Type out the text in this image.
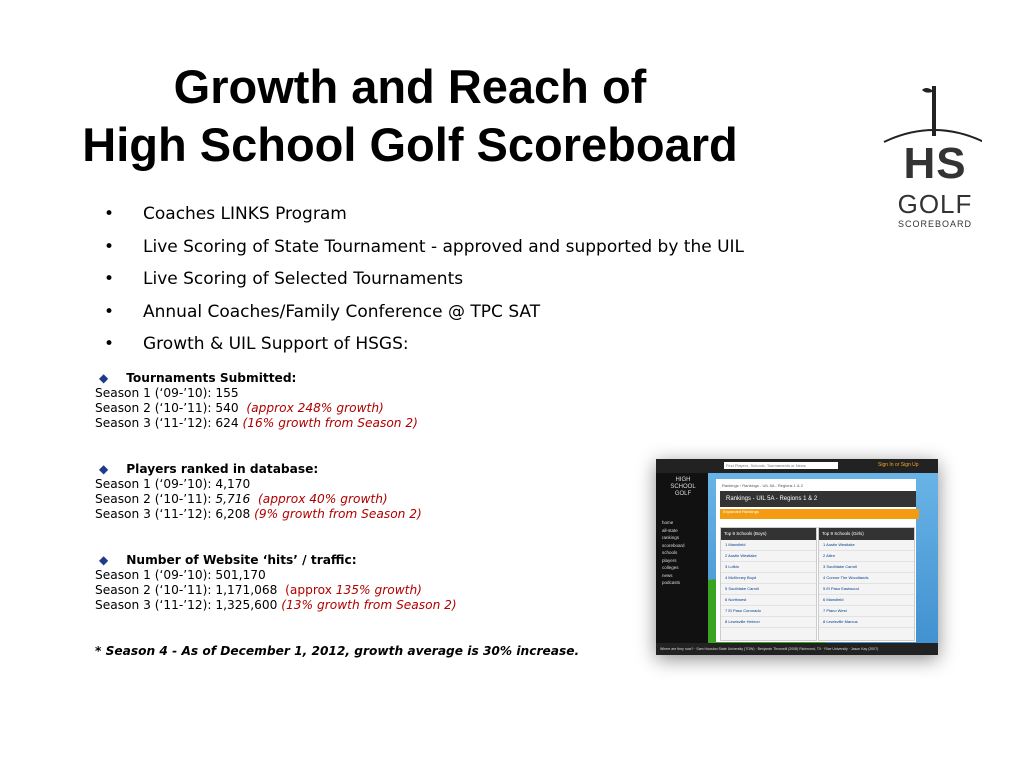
Growth and Reach of
High School Golf Scoreboard	HS
GOLF
SCOREBOARD
• Coaches LINKS Program
• Live Scoring of State Tournament - approved and supported by the UIL
• Live Scoring of Selected Tournaments
• Annual Coaches/Family Conference @ TPC SAT
• Growth & UIL Support of HSGS:
◆ Tournaments Submitted:
Season 1 (‘09-’10): 155
Season 2 (‘10-’11): 540 (approx 248% growth)
Season 3 (‘11-’12): 624 (16% growth from Season 2)
◆ Players ranked in database:
Season 1 (‘09-’10): 4,170
Season 2 (‘10-’11): 5,716 (approx 40% growth)
Season 3 (‘11-’12): 6,208 (9% growth from Season 2)
◆ Number of Website ‘hits’ / traffic:
Season 1 (‘09-’10): 501,170
Season 2 (‘10-’11): 1,171,068 (approx 135% growth)
Season 3 (‘11-’12): 1,325,600 (13% growth from Season 2)
* Season 4 - As of December 1, 2012, growth average is 30% increase.
Find Players, Schools, Tournaments or News	Sign In or Sign Up
HIGH SCHOOL GOLF
home
all-state
rankings
scoreboard
schools
players
colleges
news
podcasts
Rankings › Rankings - UIL 5A - Regions 1 & 2
Rankings - UIL 5A - Regions 1 & 2
Expanded Rankings
Top 9 Schools (Boys)
1 Mansfield
2 Austin Westlake
3 Lufkin
4 McKinney Boyd
5 Southlake Carroll
6 Northwest
7 El Paso Coronado
8 Lewisville Hebron
Top 9 Schools (Girls)
1 Austin Westlake
2 Allen
3 Southlake Carroll
4 Conroe The Woodlands
5 El Paso Eastwood
6 Mansfield
7 Plano West
8 Lewisville Marcus
Where are they now? · Sam Houston State University (TGW) · Benjamin Thronwill (2008) Richmond, TX · Rice University · Jason Kay (2007)
